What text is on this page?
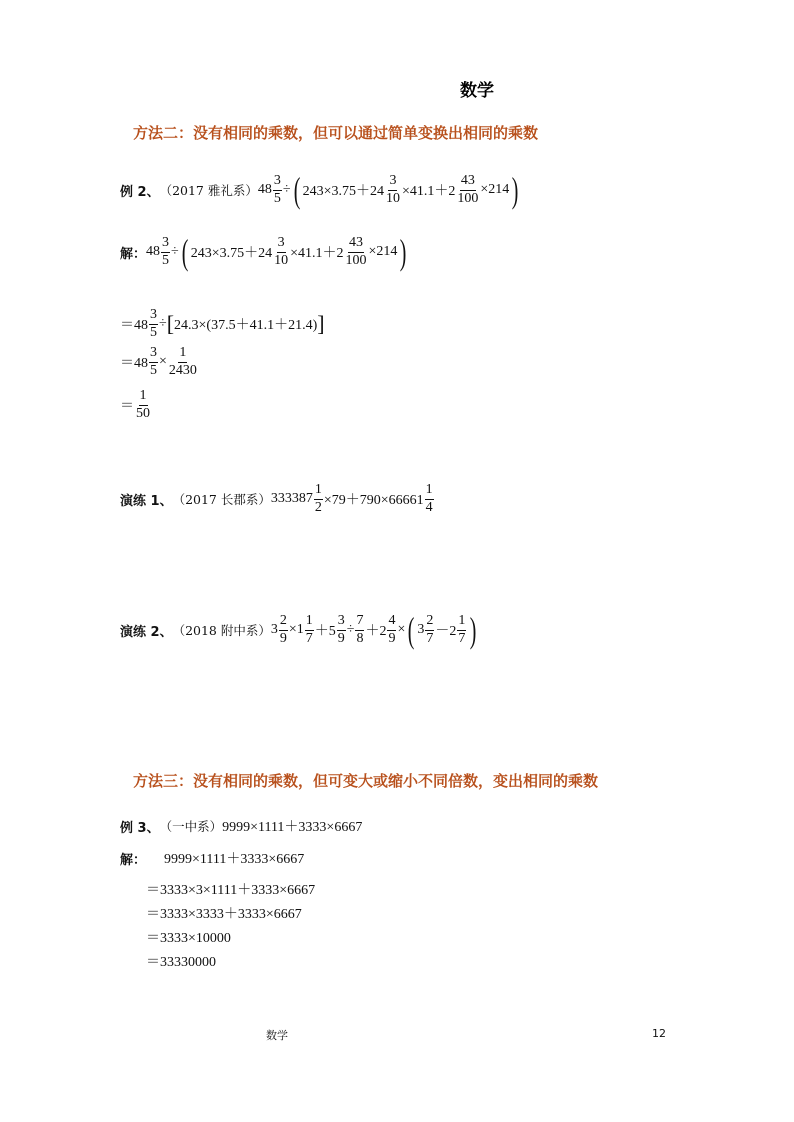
数学
方法二：没有相同的乘数，但可以通过简单变换出相同的乘数
例 2、 （2017 雅礼系） $48 \frac{3}{5}$ ÷ ( $243\times 3.75+24 \frac{3}{10} \times 41.1+2 \frac{43}{100} \times 214$ )
解： $48 \frac{3}{5}$ ÷ ( $243\times 3.75+24 \frac{3}{10} \times 41.1+2 \frac{43}{100} \times 214$ )
$=48 \frac{3}{5}$ ÷ [ 24.3×(37.5＋41.1＋21.4) ]
$=48 \frac{3}{5} \times \frac{1}{2430}$
＝ $\frac{1}{50}$
演练 1、 （2017 长郡系） $333387 \frac{1}{2} \times 79+790\times 66661 \frac{1}{4}$
演练 2、 （2018 附中系） $3 \frac{2}{9} \times 1 \frac{1}{7} +5 \frac{3}{9} \div \frac{7}{8} +2 \frac{4}{9}$ × ( $3 \frac{2}{7} -2 \frac{1}{7}$ )
方法三：没有相同的乘数，但可变大或缩小不同倍数，变出相同的乘数
例 3、 （一中系） 9999×1111＋3333×6667
解：	9999×1111＋3333×6667
＝3333×3×1111＋3333×6667
＝3333×3333＋3333×6667
＝3333×10000
＝33330000
数学	12
